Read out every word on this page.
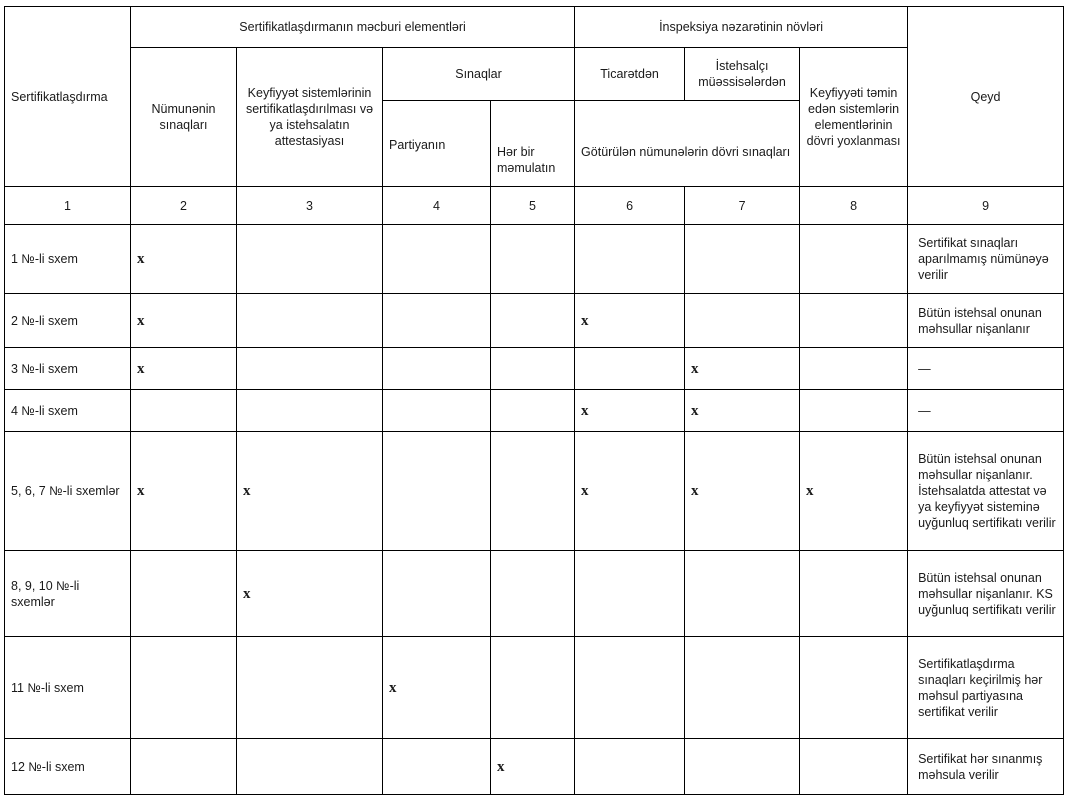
Sertifikatlaşdırma	Sertifikatlaşdırmanın məcburi elementləri				İnspeksiya nəzarətinin növləri			Qeyd
	Nümunənin sınaqları	Keyfiyyət sistemlərinin sertifikatlaşdırılması və ya istehsalatın attestasiyası	Sınaqlar		Ticarətdən	İstehsalçı müəssisələrdən	Keyfiyyəti təmin edən sistemlərin elementlərinin dövri yoxlanması	
			Partiyanın	Hər bir məmulatın	Götürülən nümunələrin dövri sınaqları			

1	2	3	4	5	6	7	8	9
1 №-li sxem	x							Sertifikat sınaqları aparılmamış nümünəyə verilir
2 №-li sxem	x				x			Bütün istehsal onunan məhsullar nişanlanır
3 №-li sxem	x					x		—
4 №-li sxem					x	x		—
5, 6, 7 №-li sxemlər	x	x			x	x	x	Bütün istehsal onunan məhsullar nişanlanır. İstehsalatda attestat və ya keyfiyyət sisteminə uyğunluq sertifikatı verilir
8, 9, 10 №-li sxemlər		x						Bütün istehsal onunan məhsullar nişanlanır. KS uyğunluq sertifikatı verilir
11 №-li sxem			x					Sertifikatlaşdırma sınaqları keçirilmiş hər məhsul partiyasına sertifikat verilir
12 №-li sxem				x				Sertifikat hər sınanmış məhsula verilir
